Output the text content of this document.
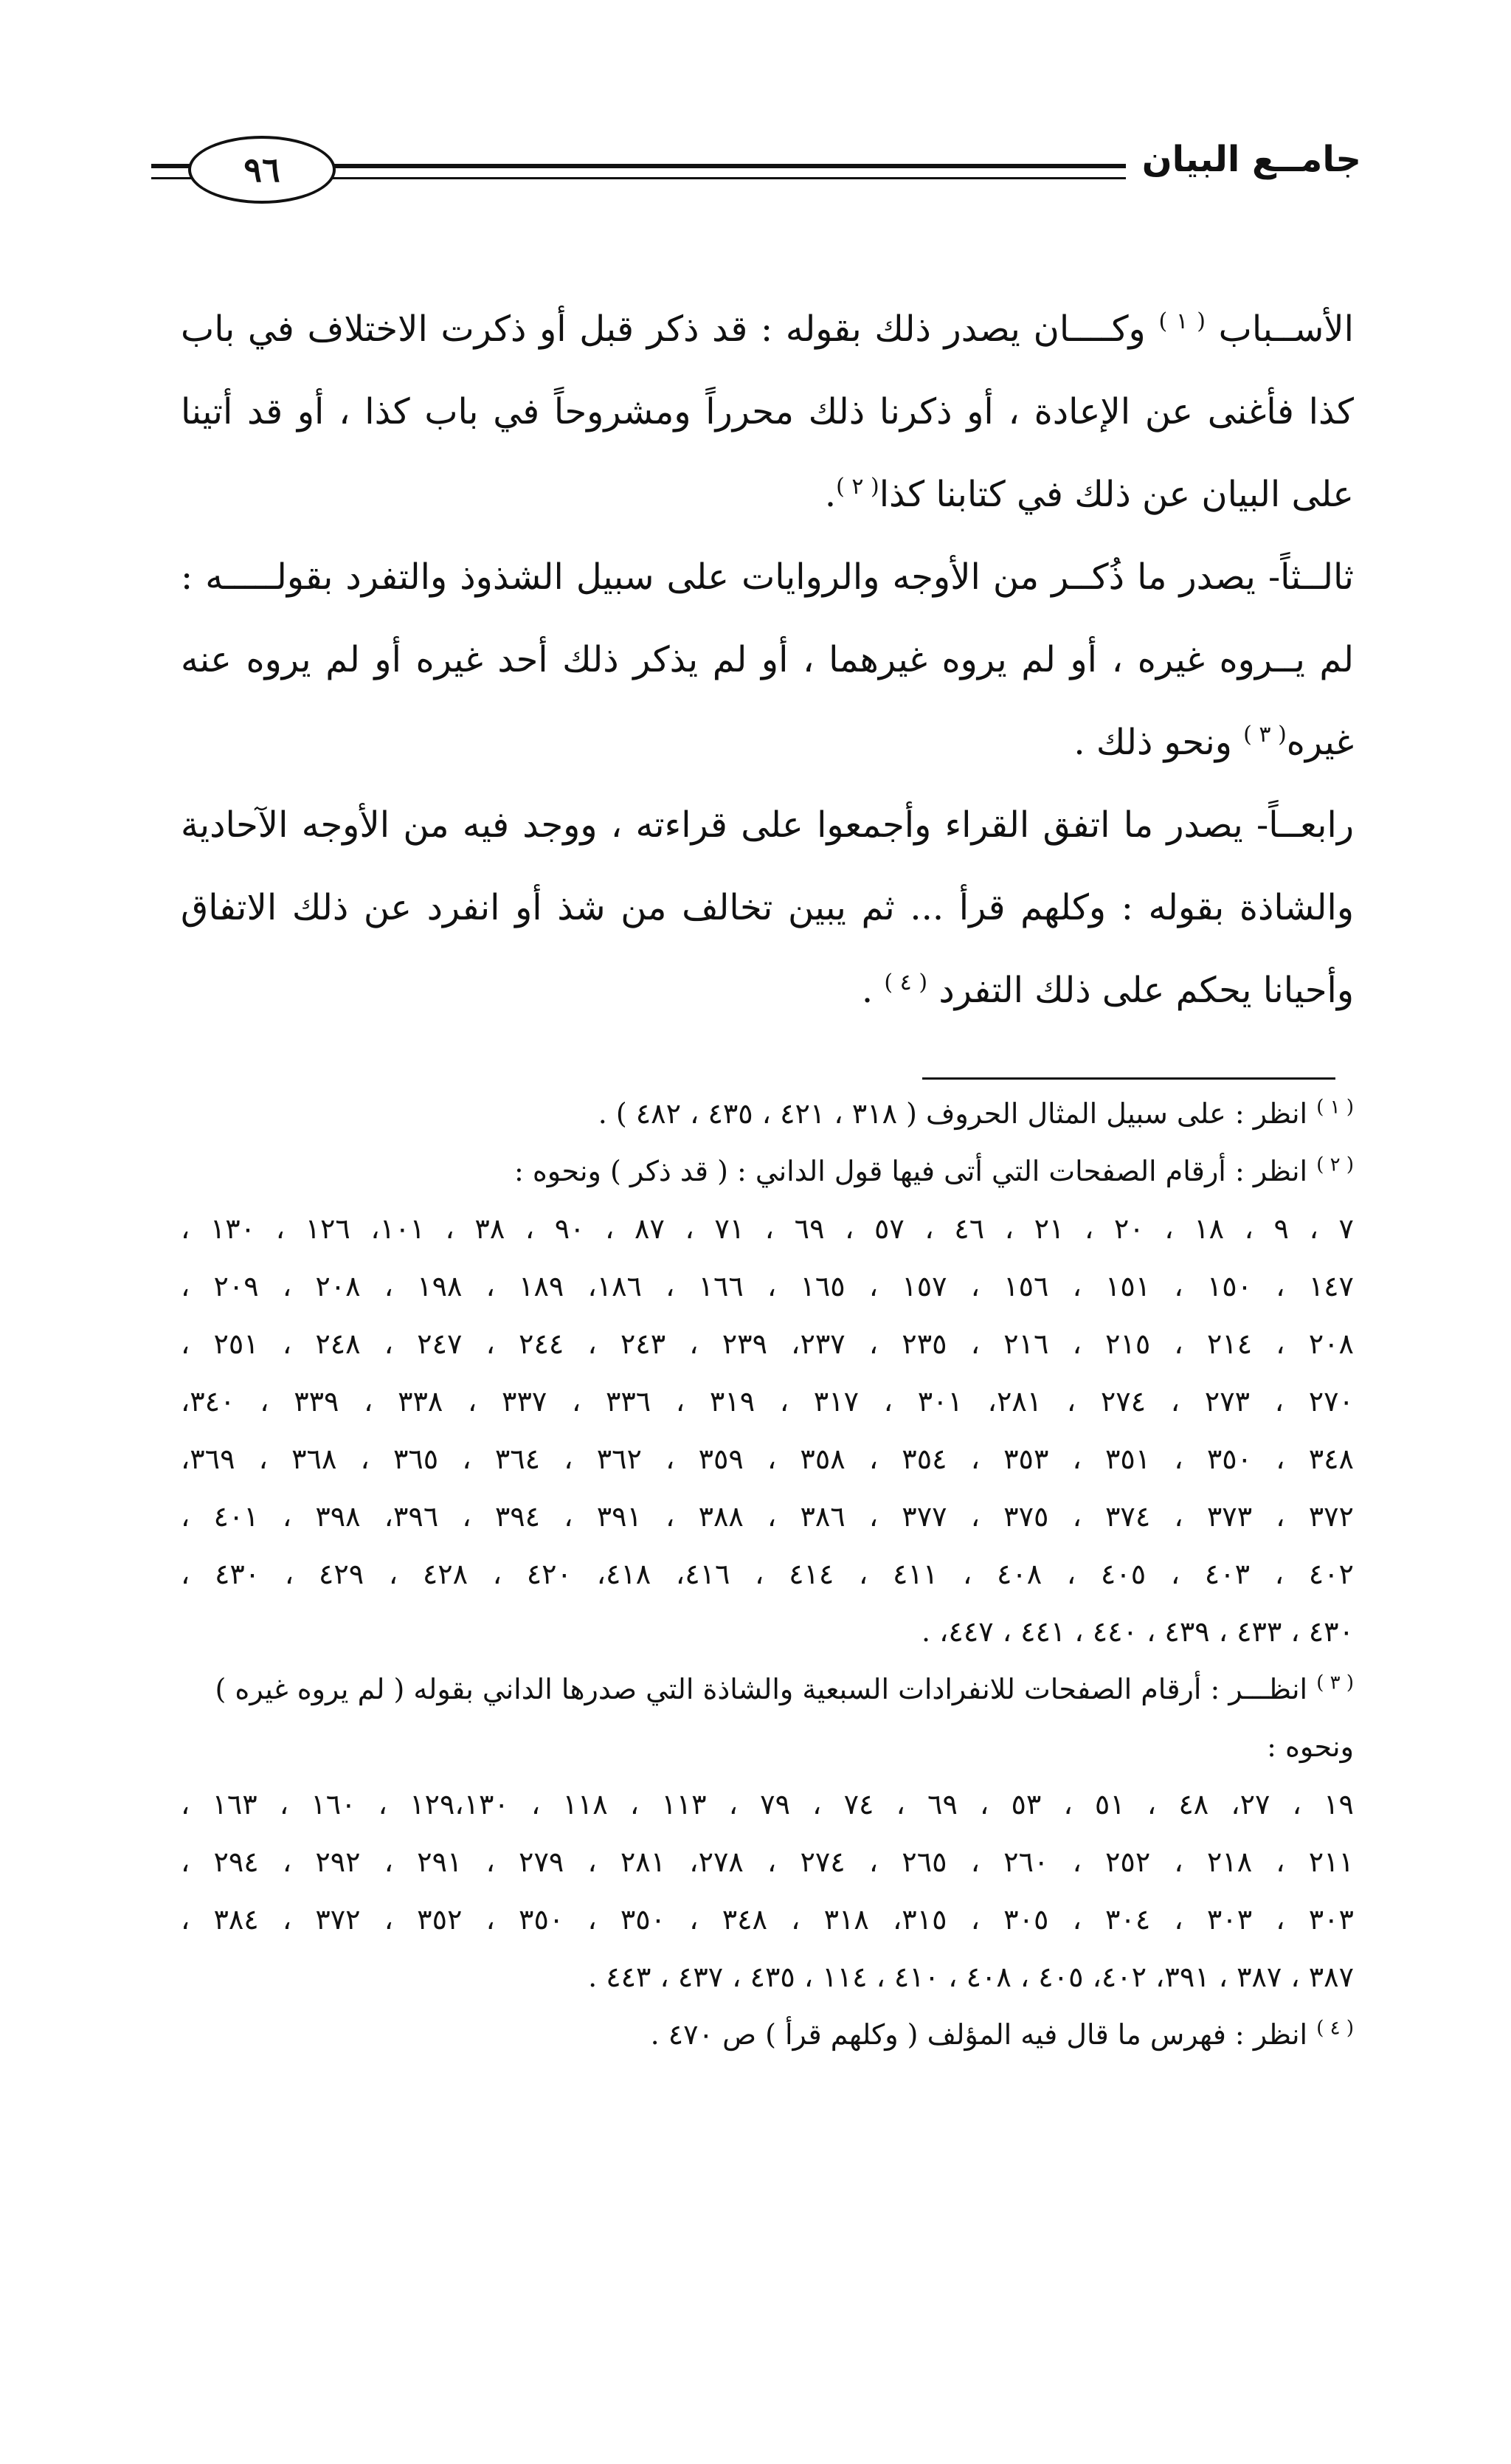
جامــع البيان
٩٦

الأســباب $^{( ١ )}$ وكــــان يصدر ذلك بقوله : قد ذكر قبل أو ذكرت الاختلاف في باب كذا فأغنى عن الإعادة ، أو ذكرنا ذلك محرراً ومشروحاً في باب كذا ، أو قد أتينا على البيان عن ذلك في كتابنا كذا$^{( ٢ )}$.

ثالــثاً- يصدر ما ذُكــر من الأوجه والروايات على سبيل الشذوذ والتفرد بقولـــــه : لم يــروه غيره ، أو لم يروه غيرهما ، أو لم يذكر ذلك أحد غيره أو لم يروه عنه غيره$^{( ٣ )}$ ونحو ذلك .

رابعــاً- يصدر ما اتفق القراء وأجمعوا على قراءته ، ووجد فيه من الأوجه الآحادية والشاذة بقوله : وكلهم قرأ ... ثم يبين تخالف من شذ أو انفرد عن ذلك الاتفاق وأحيانا يحكم على ذلك التفرد $^{( ٤ )}$ .

$^{( ١ )}$ انظر : على سبيل المثال الحروف ( ٣١٨ ، ٤٢١ ، ٤٣٥ ، ٤٨٢ ) .

$^{( ٢ )}$ انظر : أرقام الصفحات التي أتى فيها قول الداني : ( قد ذكر ) ونحوه :

٧ ، ٩ ، ١٨ ، ٢٠ ، ٢١ ، ٤٦ ، ٥٧ ، ٦٩ ، ٧١ ، ٨٧ ، ٩٠ ، ٣٨ ، ١٠١، ١٢٦ ، ١٣٠ ،

١٤٧ ، ١٥٠ ، ١٥١ ، ١٥٦ ، ١٥٧ ، ١٦٥ ، ١٦٦ ، ١٨٦، ١٨٩ ، ١٩٨ ، ٢٠٨ ، ٢٠٩ ،

٢٠٨ ، ٢١٤ ، ٢١٥ ، ٢١٦ ، ٢٣٥ ، ٢٣٧، ٢٣٩ ، ٢٤٣ ، ٢٤٤ ، ٢٤٧ ، ٢٤٨ ، ٢٥١ ،

٢٧٠ ، ٢٧٣ ، ٢٧٤ ، ٢٨١، ٣٠١ ، ٣١٧ ، ٣١٩ ، ٣٣٦ ، ٣٣٧ ، ٣٣٨ ، ٣٣٩ ، ٣٤٠،

٣٤٨ ، ٣٥٠ ، ٣٥١ ، ٣٥٣ ، ٣٥٤ ، ٣٥٨ ، ٣٥٩ ، ٣٦٢ ، ٣٦٤ ، ٣٦٥ ، ٣٦٨ ، ٣٦٩،

٣٧٢ ، ٣٧٣ ، ٣٧٤ ، ٣٧٥ ، ٣٧٧ ، ٣٨٦ ، ٣٨٨ ، ٣٩١ ، ٣٩٤ ، ٣٩٦، ٣٩٨ ، ٤٠١ ،

٤٠٢ ، ٤٠٣ ، ٤٠٥ ، ٤٠٨ ، ٤١١ ، ٤١٤ ، ٤١٦، ٤١٨، ٤٢٠ ، ٤٢٨ ، ٤٢٩ ، ٤٣٠ ،

٤٣٠ ، ٤٣٣ ، ٤٣٩ ، ٤٤٠ ، ٤٤١ ، ٤٤٧، .

$^{( ٣ )}$ انظـــر : أرقام الصفحات للانفرادات السبعية والشاذة التي صدرها الداني بقوله ( لم يروه غيره )

ونحوه :

١٩ ، ٢٧، ٤٨ ، ٥١ ، ٥٣ ، ٦٩ ، ٧٤ ، ٧٩ ، ١١٣ ، ١١٨ ، ١٢٩،١٣٠ ، ١٦٠ ، ١٦٣ ،

٢١١ ، ٢١٨ ، ٢٥٢ ، ٢٦٠ ، ٢٦٥ ، ٢٧٤ ، ٢٧٨، ٢٨١ ، ٢٧٩ ، ٢٩١ ، ٢٩٢ ، ٢٩٤ ،

٣٠٣ ، ٣٠٣ ، ٣٠٤ ، ٣٠٥ ، ٣١٥، ٣١٨ ، ٣٤٨ ، ٣٥٠ ، ٣٥٠ ، ٣٥٢ ، ٣٧٢ ، ٣٨٤ ،

٣٨٧ ، ٣٨٧ ، ٣٩١، ٤٠٢، ٤٠٥ ، ٤٠٨ ، ٤١٠ ، ١١٤ ، ٤٣٥ ، ٤٣٧ ، ٤٤٣ .

$^{( ٤ )}$ انظر : فهرس ما قال فيه المؤلف ( وكلهم قرأ ) ص ٤٧٠ .
